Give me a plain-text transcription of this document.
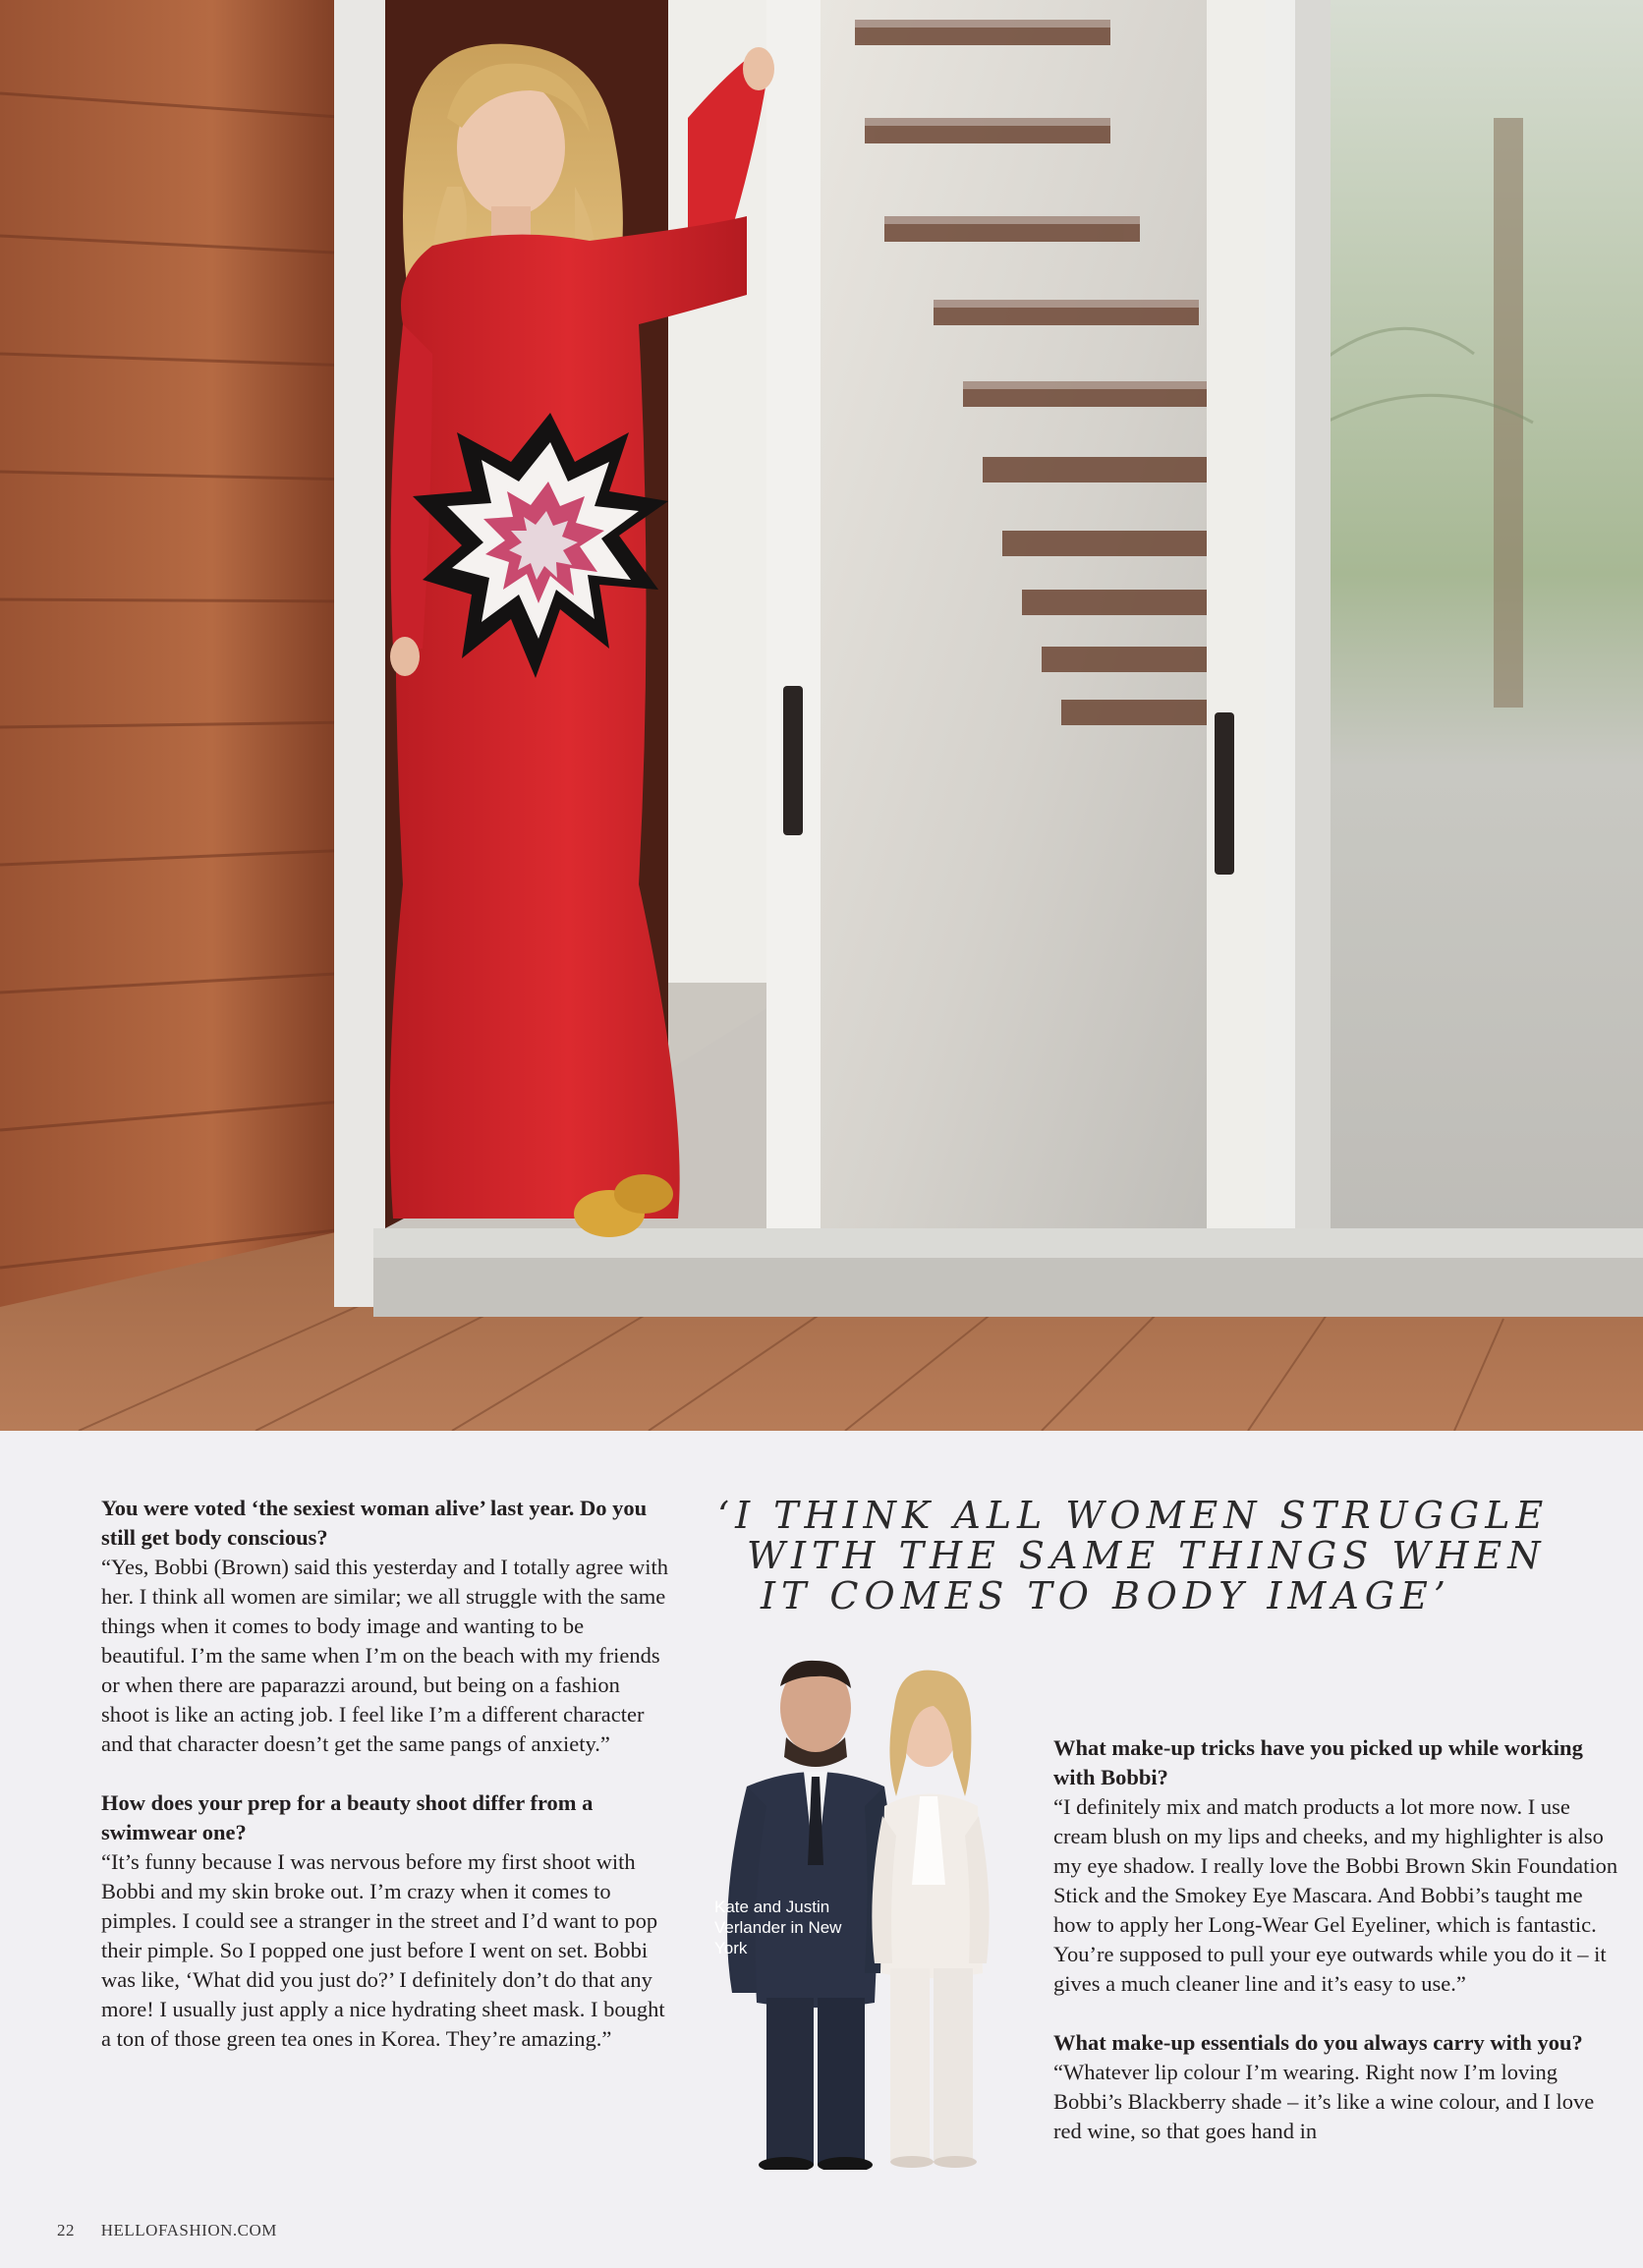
You were voted ‘the sexiest woman alive’ last year. Do you still get body conscious?

“Yes, Bobbi (Brown) said this yesterday and I totally agree with her. I think all women are similar; we all struggle with the same things when it comes to body image and wanting to be beautiful. I’m the same when I’m on the beach with my friends or when there are paparazzi around, but being on a fashion shoot is like an acting job. I feel like I’m a different character and that character doesn’t get the same pangs of anxiety.”

How does your prep for a beauty shoot differ from a swimwear one?

“It’s funny because I was nervous before my first shoot with Bobbi and my skin broke out. I’m crazy when it comes to pimples. I could see a stranger in the street and I’d want to pop their pimple. So I popped one just before I went on set. Bobbi was like, ‘What did you just do?’ I definitely don’t do that any more! I usually just apply a nice hydrating sheet mask. I bought a ton of those green tea ones in Korea. They’re amazing.”

‘I THINK ALL WOMEN STRUGGLE
WITH THE SAME THINGS WHEN
IT COMES TO BODY IMAGE’
Kate and Justin Verlander in New York

What make-up tricks have you picked up while working with Bobbi?

“I definitely mix and match products a lot more now. I use cream blush on my lips and cheeks, and my highlighter is also my eye shadow. I really love the Bobbi Brown Skin Foundation Stick and the Smokey Eye Mascara. And Bobbi’s taught me how to apply her Long-Wear Gel Eyeliner, which is fantastic. You’re supposed to pull your eye outwards while you do it – it gives a much cleaner line and it’s easy to use.”

What make-up essentials do you always carry with you?

“Whatever lip colour I’m wearing. Right now I’m loving Bobbi’s Blackberry shade – it’s like a wine colour, and I love red wine, so that goes hand in

22 HELLOFASHION.COM
